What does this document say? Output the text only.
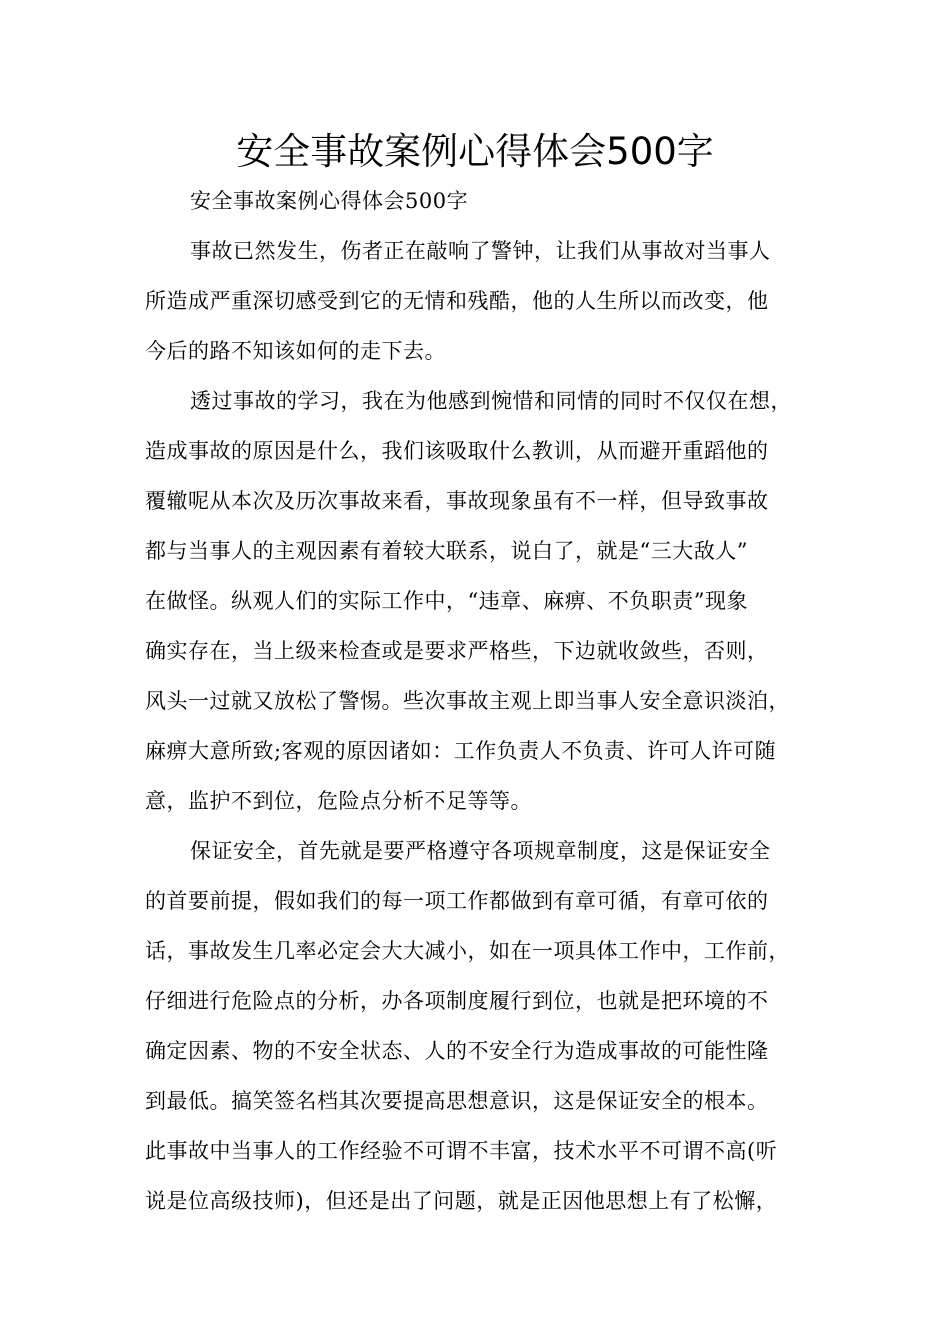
安全事故案例心得体会500字
安全事故案例心得体会500字
事故已然发生，伤者正在敲响了警钟，让我们从事故对当事人
所造成严重深切感受到它的无情和残酷，他的人生所以而改变，他
今后的路不知该如何的走下去。
透过事故的学习，我在为他感到惋惜和同情的同时不仅仅在想，
造成事故的原因是什么，我们该吸取什么教训，从而避开重蹈他的
覆辙呢从本次及历次事故来看，事故现象虽有不一样，但导致事故
都与当事人的主观因素有着较大联系，说白了，就是“三大敌人”
在做怪。纵观人们的实际工作中，“违章、麻痹、不负职责”现象
确实存在，当上级来检查或是要求严格些，下边就收敛些，否则，
风头一过就又放松了警惕。些次事故主观上即当事人安全意识淡泊，
麻痹大意所致;客观的原因诸如：工作负责人不负责、许可人许可随
意，监护不到位，危险点分析不足等等。
保证安全，首先就是要严格遵守各项规章制度，这是保证安全
的首要前提，假如我们的每一项工作都做到有章可循，有章可依的
话，事故发生几率必定会大大减小，如在一项具体工作中，工作前，
仔细进行危险点的分析，办各项制度履行到位，也就是把环境的不
确定因素、物的不安全状态、人的不安全行为造成事故的可能性隆
到最低。搞笑签名档其次要提高思想意识，这是保证安全的根本。
此事故中当事人的工作经验不可谓不丰富，技术水平不可谓不高(听
说是位高级技师)，但还是出了问题，就是正因他思想上有了松懈，
